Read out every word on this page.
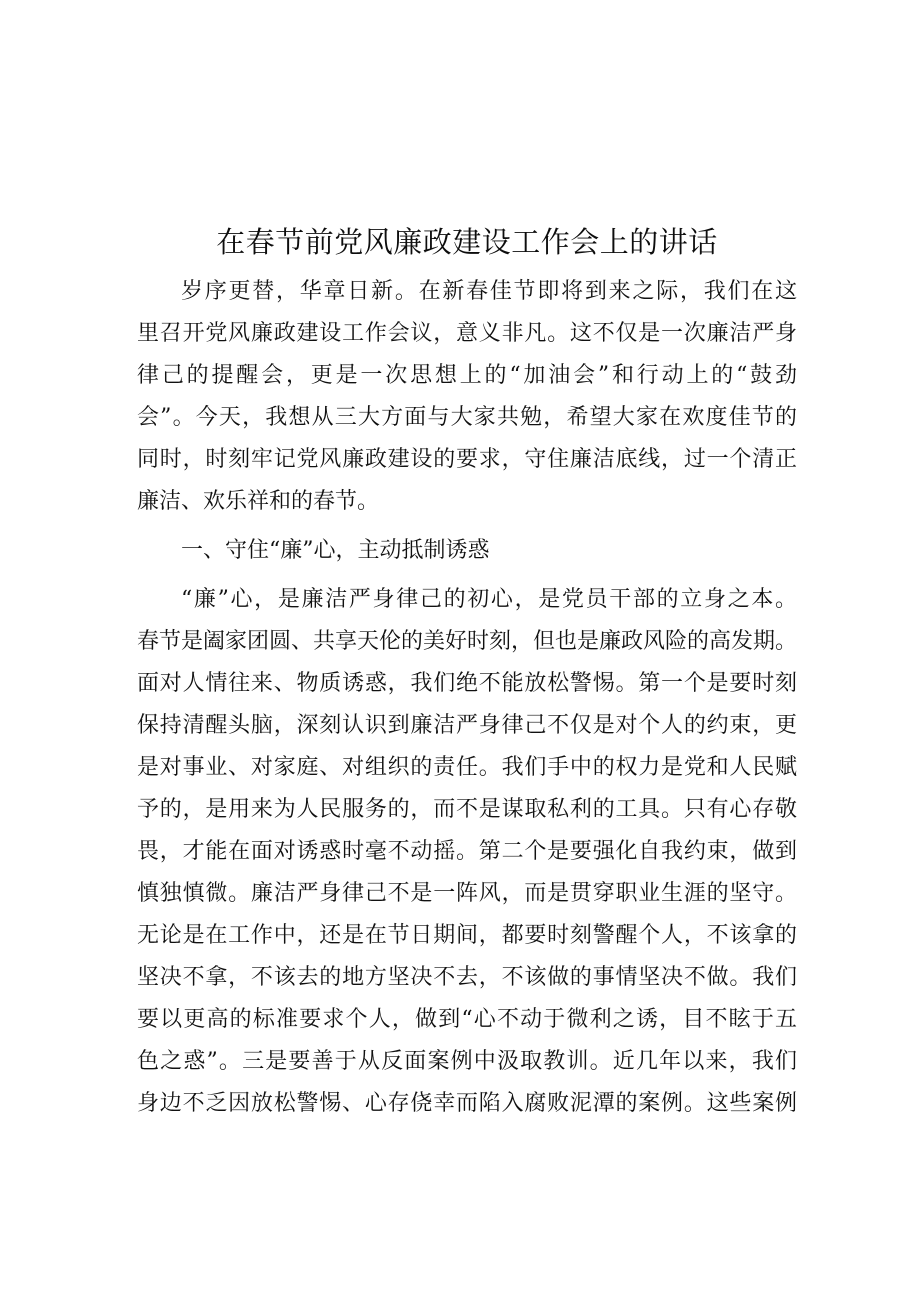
在春节前党风廉政建设工作会上的讲话
岁序更替，华章日新。在新春佳节即将到来之际，我们在这
里召开党风廉政建设工作会议，意义非凡。这不仅是一次廉洁严身
律己的提醒会，更是一次思想上的“加油会”和行动上的“鼓劲
会”。今天，我想从三大方面与大家共勉，希望大家在欢度佳节的
同时，时刻牢记党风廉政建设的要求，守住廉洁底线，过一个清正
廉洁、欢乐祥和的春节。
一、守住“廉”心，主动抵制诱惑
“廉”心，是廉洁严身律己的初心，是党员干部的立身之本。
春节是阖家团圆、共享天伦的美好时刻，但也是廉政风险的高发期。
面对人情往来、物质诱惑，我们绝不能放松警惕。第一个是要时刻
保持清醒头脑，深刻认识到廉洁严身律己不仅是对个人的约束，更
是对事业、对家庭、对组织的责任。我们手中的权力是党和人民赋
予的，是用来为人民服务的，而不是谋取私利的工具。只有心存敬
畏，才能在面对诱惑时毫不动摇。第二个是要强化自我约束，做到
慎独慎微。廉洁严身律己不是一阵风，而是贯穿职业生涯的坚守。
无论是在工作中，还是在节日期间，都要时刻警醒个人，不该拿的
坚决不拿，不该去的地方坚决不去，不该做的事情坚决不做。我们
要以更高的标准要求个人，做到“心不动于微利之诱，目不眩于五
色之惑”。三是要善于从反面案例中汲取教训。近几年以来，我们
身边不乏因放松警惕、心存侥幸而陷入腐败泥潭的案例。这些案例
